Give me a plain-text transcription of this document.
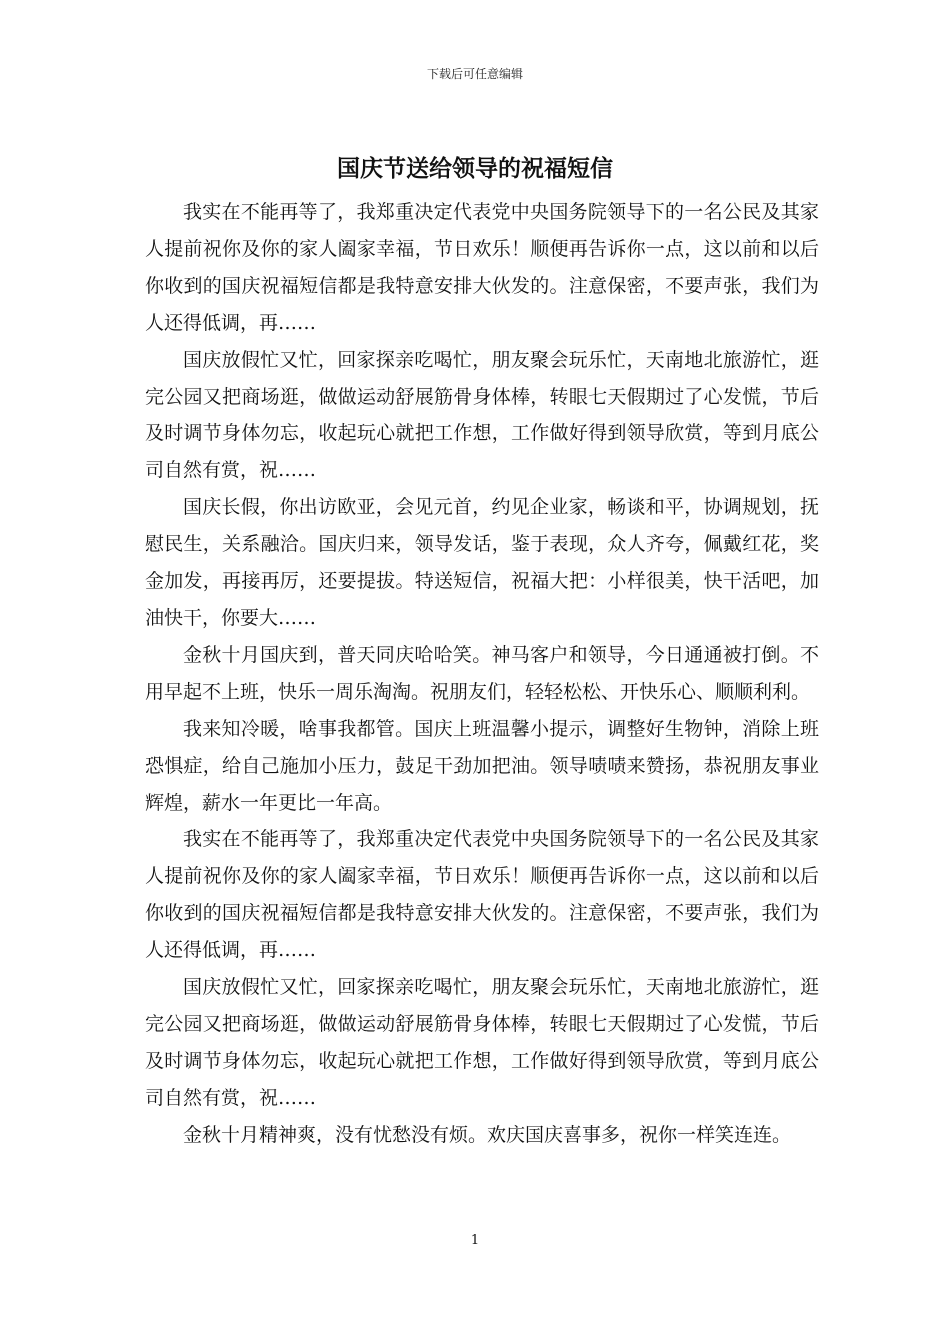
下载后可任意编辑
国庆节送给领导的祝福短信

我实在不能再等了，我郑重决定代表党中央国务院领导下的一名公民及其家人提前祝你及你的家人阖家幸福，节日欢乐！顺便再告诉你一点，这以前和以后你收到的国庆祝福短信都是我特意安排大伙发的。注意保密，不要声张，我们为人还得低调，再……

国庆放假忙又忙，回家探亲吃喝忙，朋友聚会玩乐忙，天南地北旅游忙，逛完公园又把商场逛，做做运动舒展筋骨身体棒，转眼七天假期过了心发慌，节后及时调节身体勿忘，收起玩心就把工作想，工作做好得到领导欣赏，等到月底公司自然有赏，祝……

国庆长假，你出访欧亚，会见元首，约见企业家，畅谈和平，协调规划，抚慰民生，关系融洽。国庆归来，领导发话，鉴于表现，众人齐夸，佩戴红花，奖金加发，再接再厉，还要提拔。特送短信，祝福大把：小样很美，快干活吧，加油快干，你要大……

金秋十月国庆到，普天同庆哈哈笑。神马客户和领导，今日通通被打倒。不用早起不上班，快乐一周乐淘淘。祝朋友们，轻轻松松、开快乐心、顺顺利利。

我来知冷暖，啥事我都管。国庆上班温馨小提示，调整好生物钟，消除上班恐惧症，给自己施加小压力，鼓足干劲加把油。领导啧啧来赞扬，恭祝朋友事业辉煌，薪水一年更比一年高。

我实在不能再等了，我郑重决定代表党中央国务院领导下的一名公民及其家人提前祝你及你的家人阖家幸福，节日欢乐！顺便再告诉你一点，这以前和以后你收到的国庆祝福短信都是我特意安排大伙发的。注意保密，不要声张，我们为人还得低调，再……

国庆放假忙又忙，回家探亲吃喝忙，朋友聚会玩乐忙，天南地北旅游忙，逛完公园又把商场逛，做做运动舒展筋骨身体棒，转眼七天假期过了心发慌，节后及时调节身体勿忘，收起玩心就把工作想，工作做好得到领导欣赏，等到月底公司自然有赏，祝……

金秋十月精神爽，没有忧愁没有烦。欢庆国庆喜事多，祝你一样笑连连。

1
